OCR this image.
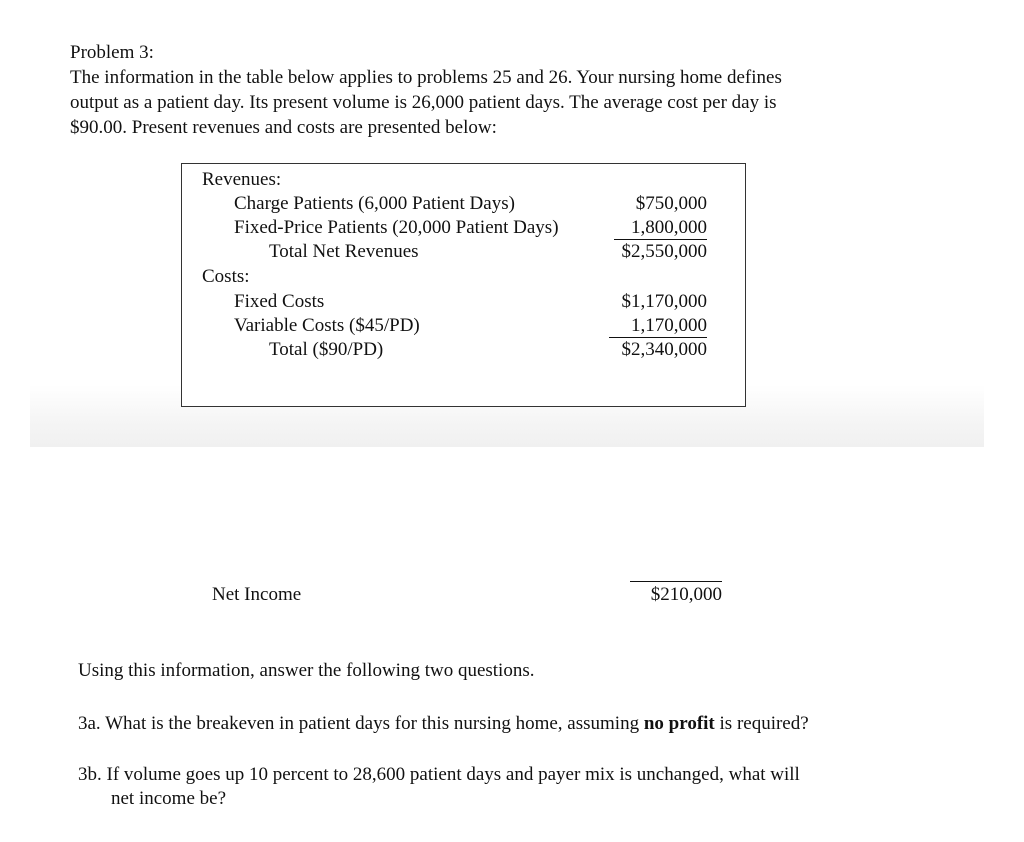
Problem 3:
The information in the table below applies to problems 25 and 26. Your nursing home defines
output as a patient day. Its present volume is 26,000 patient days. The average cost per day is
$90.00. Present revenues and costs are presented below:
Revenues:
Charge Patients (6,000 Patient Days)	$750,000
Fixed-Price Patients (20,000 Patient Days)	1,800,000
Total Net Revenues	$2,550,000
Costs:
Fixed Costs	$1,170,000
Variable Costs ($45/PD)	1,170,000
Total ($90/PD)	$2,340,000
Net Income	$210,000
Using this information, answer the following two questions.
3a. What is the breakeven in patient days for this nursing home, assuming no profit is required?
3b. If volume goes up 10 percent to 28,600 patient days and payer mix is unchanged, what will
net income be?
